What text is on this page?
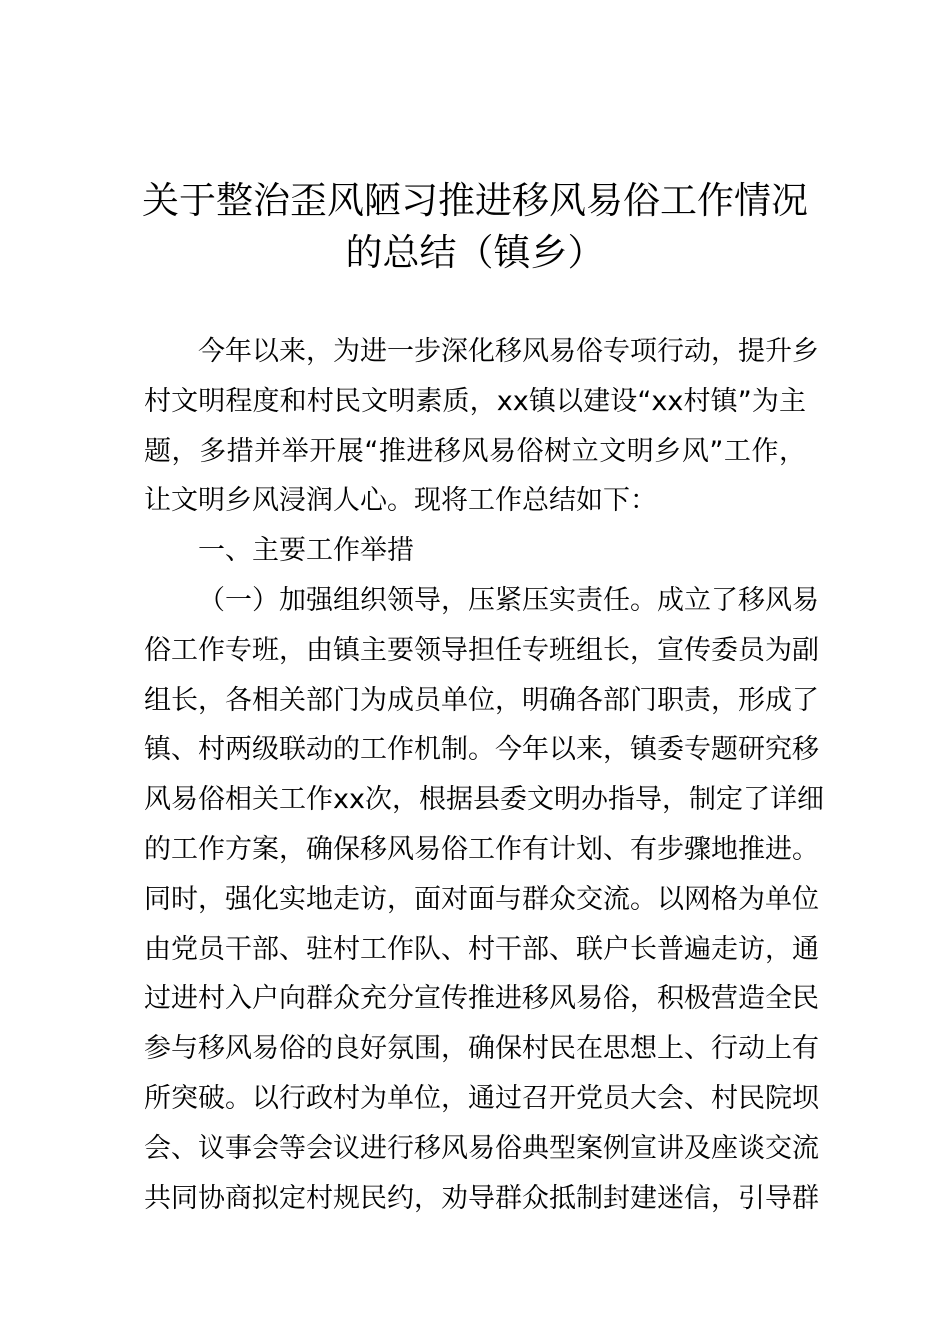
关于整治歪风陋习推进移风易俗工作情况
的总结（镇乡）
今年以来，为进一步深化移风易俗专项行动，提升乡
村文明程度和村民文明素质，xx镇以建设“xx村镇”为主
题，多措并举开展“推进移风易俗树立文明乡风”工作，
让文明乡风浸润人心。现将工作总结如下：
一、主要工作举措
（一）加强组织领导，压紧压实责任。成立了移风易
俗工作专班，由镇主要领导担任专班组长，宣传委员为副
组长，各相关部门为成员单位，明确各部门职责，形成了
镇、村两级联动的工作机制。今年以来，镇委专题研究移
风易俗相关工作xx次，根据县委文明办指导，制定了详细
的工作方案，确保移风易俗工作有计划、有步骤地推进。
同时，强化实地走访，面对面与群众交流。以网格为单位
由党员干部、驻村工作队、村干部、联户长普遍走访，通
过进村入户向群众充分宣传推进移风易俗，积极营造全民
参与移风易俗的良好氛围，确保村民在思想上、行动上有
所突破。以行政村为单位，通过召开党员大会、村民院坝
会、议事会等会议进行移风易俗典型案例宣讲及座谈交流
共同协商拟定村规民约，劝导群众抵制封建迷信，引导群
